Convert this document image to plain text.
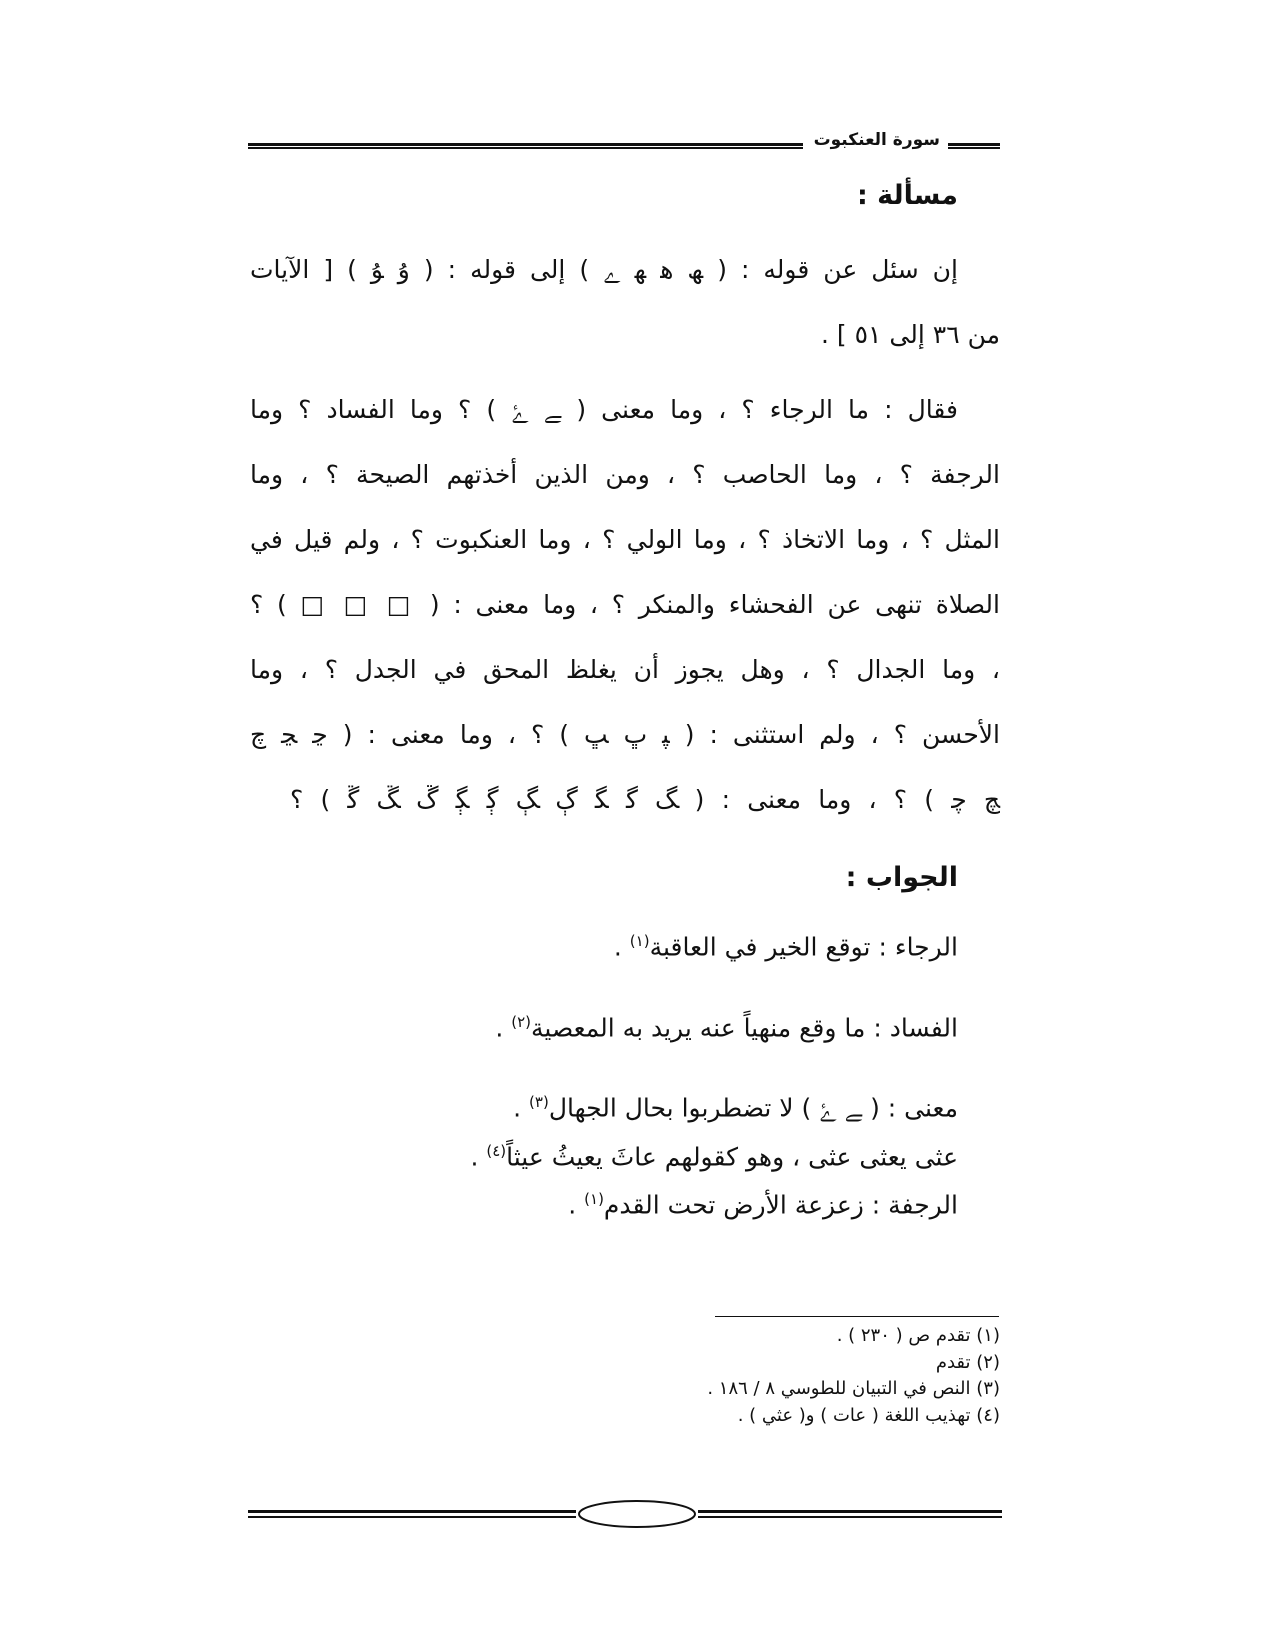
سورة العنكبوت
مسألة :
إن سئل عن قوله : ( ﮫ ﮬ ﮭ ﮮ ) إلى قوله : ( ﯗ ﯘ ) [ الآيات
من ٣٦ إلى ٥١ ] .
فقال : ما الرجاء ؟ ، وما معنى ( ﮯ ﮰ ) ؟ وما الفساد ؟ وما
الرجفة ؟ ، وما الحاصب ؟ ، ومن الذين أخذتهم الصيحة ؟ ، وما
المثل ؟ ، وما الاتخاذ ؟ ، وما الولي ؟ ، وما العنكبوت ؟ ، ولم قيل في
الصلاة تنهى عن الفحشاء والمنكر ؟ ، وما معنى : ( □ □ □ ) ؟
، وما الجدال ؟ ، وهل يجوز أن يغلظ المحق في الجدل ؟ ، وما
الأحسن ؟ ، ولم استثنى : ( ﭙ ﭚ ﭛ ) ؟ ، وما معنى : ( ﭸ ﭹ ﭺ
ﭻ ﭼ ) ؟ ، وما معنى : ( ﮓ ﮔ ﮕ ﮖ ﮗ ﮘ ﮙ ﮚ ﮛ ﮜ ) ؟
الجواب :
الرجاء : توقع الخير في العاقبة$^{(١)}$ .
الفساد : ما وقع منهياً عنه يريد به المعصية$^{(٢)}$ .
معنى : ( ﮯ ﮰ ) لا تضطربوا بحال الجهال$^{(٣)}$ .
عثى يعثى عثى ، وهو كقولهم عاثَ يعيثُ عيثاً$^{(٤)}$ .
الرجفة : زعزعة الأرض تحت القدم$^{(١)}$ .
(١) تقدم ص ( ٢٣٠ ) .
(٢) تقدم
(٣) النص في التبيان للطوسي ٨ / ١٨٦ .
(٤) تهذيب اللغة ( عات ) و( عثي ) .
